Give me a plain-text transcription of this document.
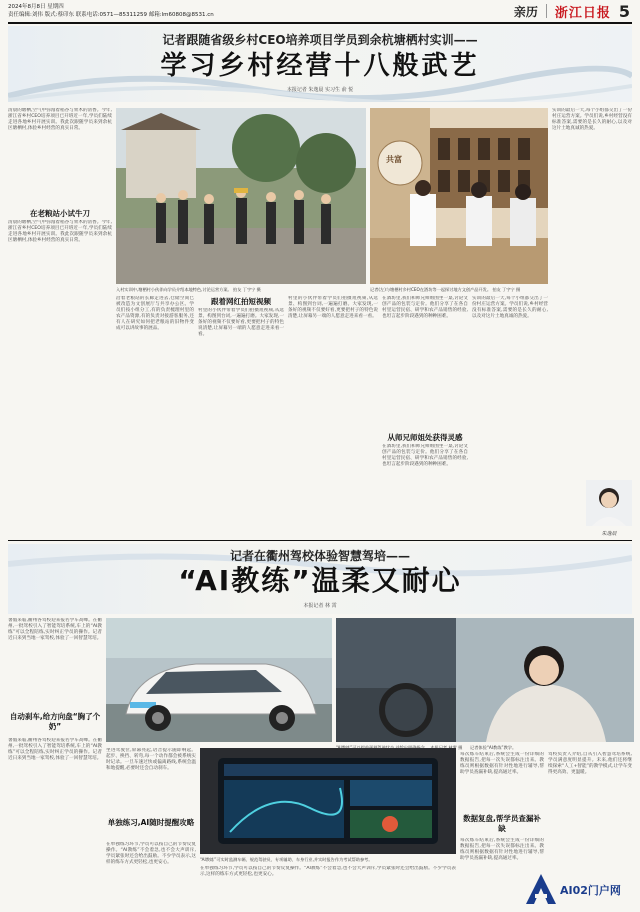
2024年8月8日 星期四
责任编辑:刘伟 版式:蔡印东 联系电话:0571—85311259 邮箱:lm60808@8531.cn	亲历 浙江日报 5
记者跟随省级乡村CEO培养项目学员到余杭塘栖村实训——
学习乡村经营十八般武艺
本报记者 朱逸晨 实习生 俞 悦
清晨的塘栖,空气中弥漫着稻谷与果木的清香。今年,浙江省乡村CEO培养项目已开班近一年,学员们陆续走进各地乡村开展实训。我此次跟随学员来到余杭区塘栖村,体验乡村经营的真实日常。
在老粮站小试牛刀
清晨的塘栖,空气中弥漫着稻谷与果木的清香。今年,浙江省乡村CEO培养项目已开班近一年,学员们陆续走进各地乡村开展实训。我此次跟随学员来到余杭区塘栖村,体验乡村经营的真实日常。
入村实训中,塘栖村小伙伴向学员介绍本地特色,讨论运营方案。 拍友 丁字宁 摄
共富
记者(左)与塘栖村乡村CEO在酒坊等一起探讨地方文创产品开发。 拍友 丁字宁 摄
实训的最后一天,每个小组都交出了一份村庄运营方案。学员们说,乡村经营没有标准答案,需要的是长久的耐心,以及对这片土地真诚的热爱。
沿着老粮站的长廊走进去,仓储空间已被改造为文创展厅与共享办公区。学员们按小组分工,有的负责梳理村里的农产品资源,有的负责对接游客服务,还有人在研究如何把老粮站的旧物件变成可以讲故事的展品。
跟着网红拍短视频
村里的小伙伴带着学员们拍摄短视频,从选景、构图到台词,一遍遍打磨。大家发现,一条好的视频不仅要好看,更要把村子的特色说清楚,让屏幕另一端的人愿意走进来看一看。
村里的小伙伴带着学员们拍摄短视频,从选景、构图到台词,一遍遍打磨。大家发现,一条好的视频不仅要好看,更要把村子的特色说清楚,让屏幕另一端的人愿意走进来看一看。
从师兄师姐处获得灵感
在酒坊里,我们和师兄师姐围坐一桌,讨论文创产品的包装与定价。他们分享了在各自村里运营民宿、研学和农产品销售的经验,也坦言起步阶段遇到的种种困难。
在酒坊里,我们和师兄师姐围坐一桌,讨论文创产品的包装与定价。他们分享了在各自村里运营民宿、研学和农产品销售的经验,也坦言起步阶段遇到的种种困难。
实训的最后一天,每个小组都交出了一份村庄运营方案。学员们说,乡村经营没有标准答案,需要的是长久的耐心,以及对这片土地真诚的热爱。
朱逸晨
记者在衢州驾校体验智慧驾培——
“AI教练”温柔又耐心
本报记者 林 霄
记者体验“AI教练”教学。
暑假来临,衢州各驾校迎来报名学车高峰。在衢州,一批驾校引入了智能驾培系统,车上的“AI教练”可以全程陪练,实时纠正学员的操作。记者近日来到当地一家驾校,体验了一回智慧驾培。
自动刹车,给方向盘“胸了个奶”
暑假来临,衢州各驾校迎来报名学车高峰。在衢州,一批驾校引入了智能驾培系统,车上的“AI教练”可以全程陪练,实时纠正学员的操作。记者近日来到当地一家驾校,体验了一回智慧驾培。
“AI教练”可实时监测车辆、规范驾驶员、专项辅助、车身行业,并实时报告作为考试帮助参考。
坐进驾驶位,屏幕亮起,语音提示随即响起。起步、换挡、转弯,每一个动作都会被系统实时记录。一旦车速过快或偏离路线,系统会温和地提醒,必要时还会自动刹车。
单独练习,AI随时提醒攻略
在单独练习环节,学员可以按自己的节奏反复操作。“AI教练”不会着急,也不会大声训斥,学员紧张时还会给出鼓励。不少学员表示,这样的练车方式更轻松,也更安心。
在单独练习环节,学员可以按自己的节奏反复操作。“AI教练”不会着急,也不会大声训斥,学员紧张时还会给出鼓励。不少学员表示,这样的练车方式更轻松,也更安心。
每次练车结束后,系统会生成一份详细的数据报告,把每一次失误都标注出来。教练员则根据数据有针对性地进行辅导,帮助学员查漏补缺,提高通过率。
数据复盘,帮学员查漏补缺
每次练车结束后,系统会生成一份详细的数据报告,把每一次失误都标注出来。教练员则根据数据有针对性地进行辅导,帮助学员查漏补缺,提高通过率。
驾校负责人介绍,自从引入智慧驾培系统,学员满意度明显提升。未来,他们还将继续探索“人工+智能”的教学模式,让学车变得更高效、更温暖。
“AI教练”可以提前预判驾驶状态,并给出明确指令。 本报记者 林霄 摄
AI02门户网
